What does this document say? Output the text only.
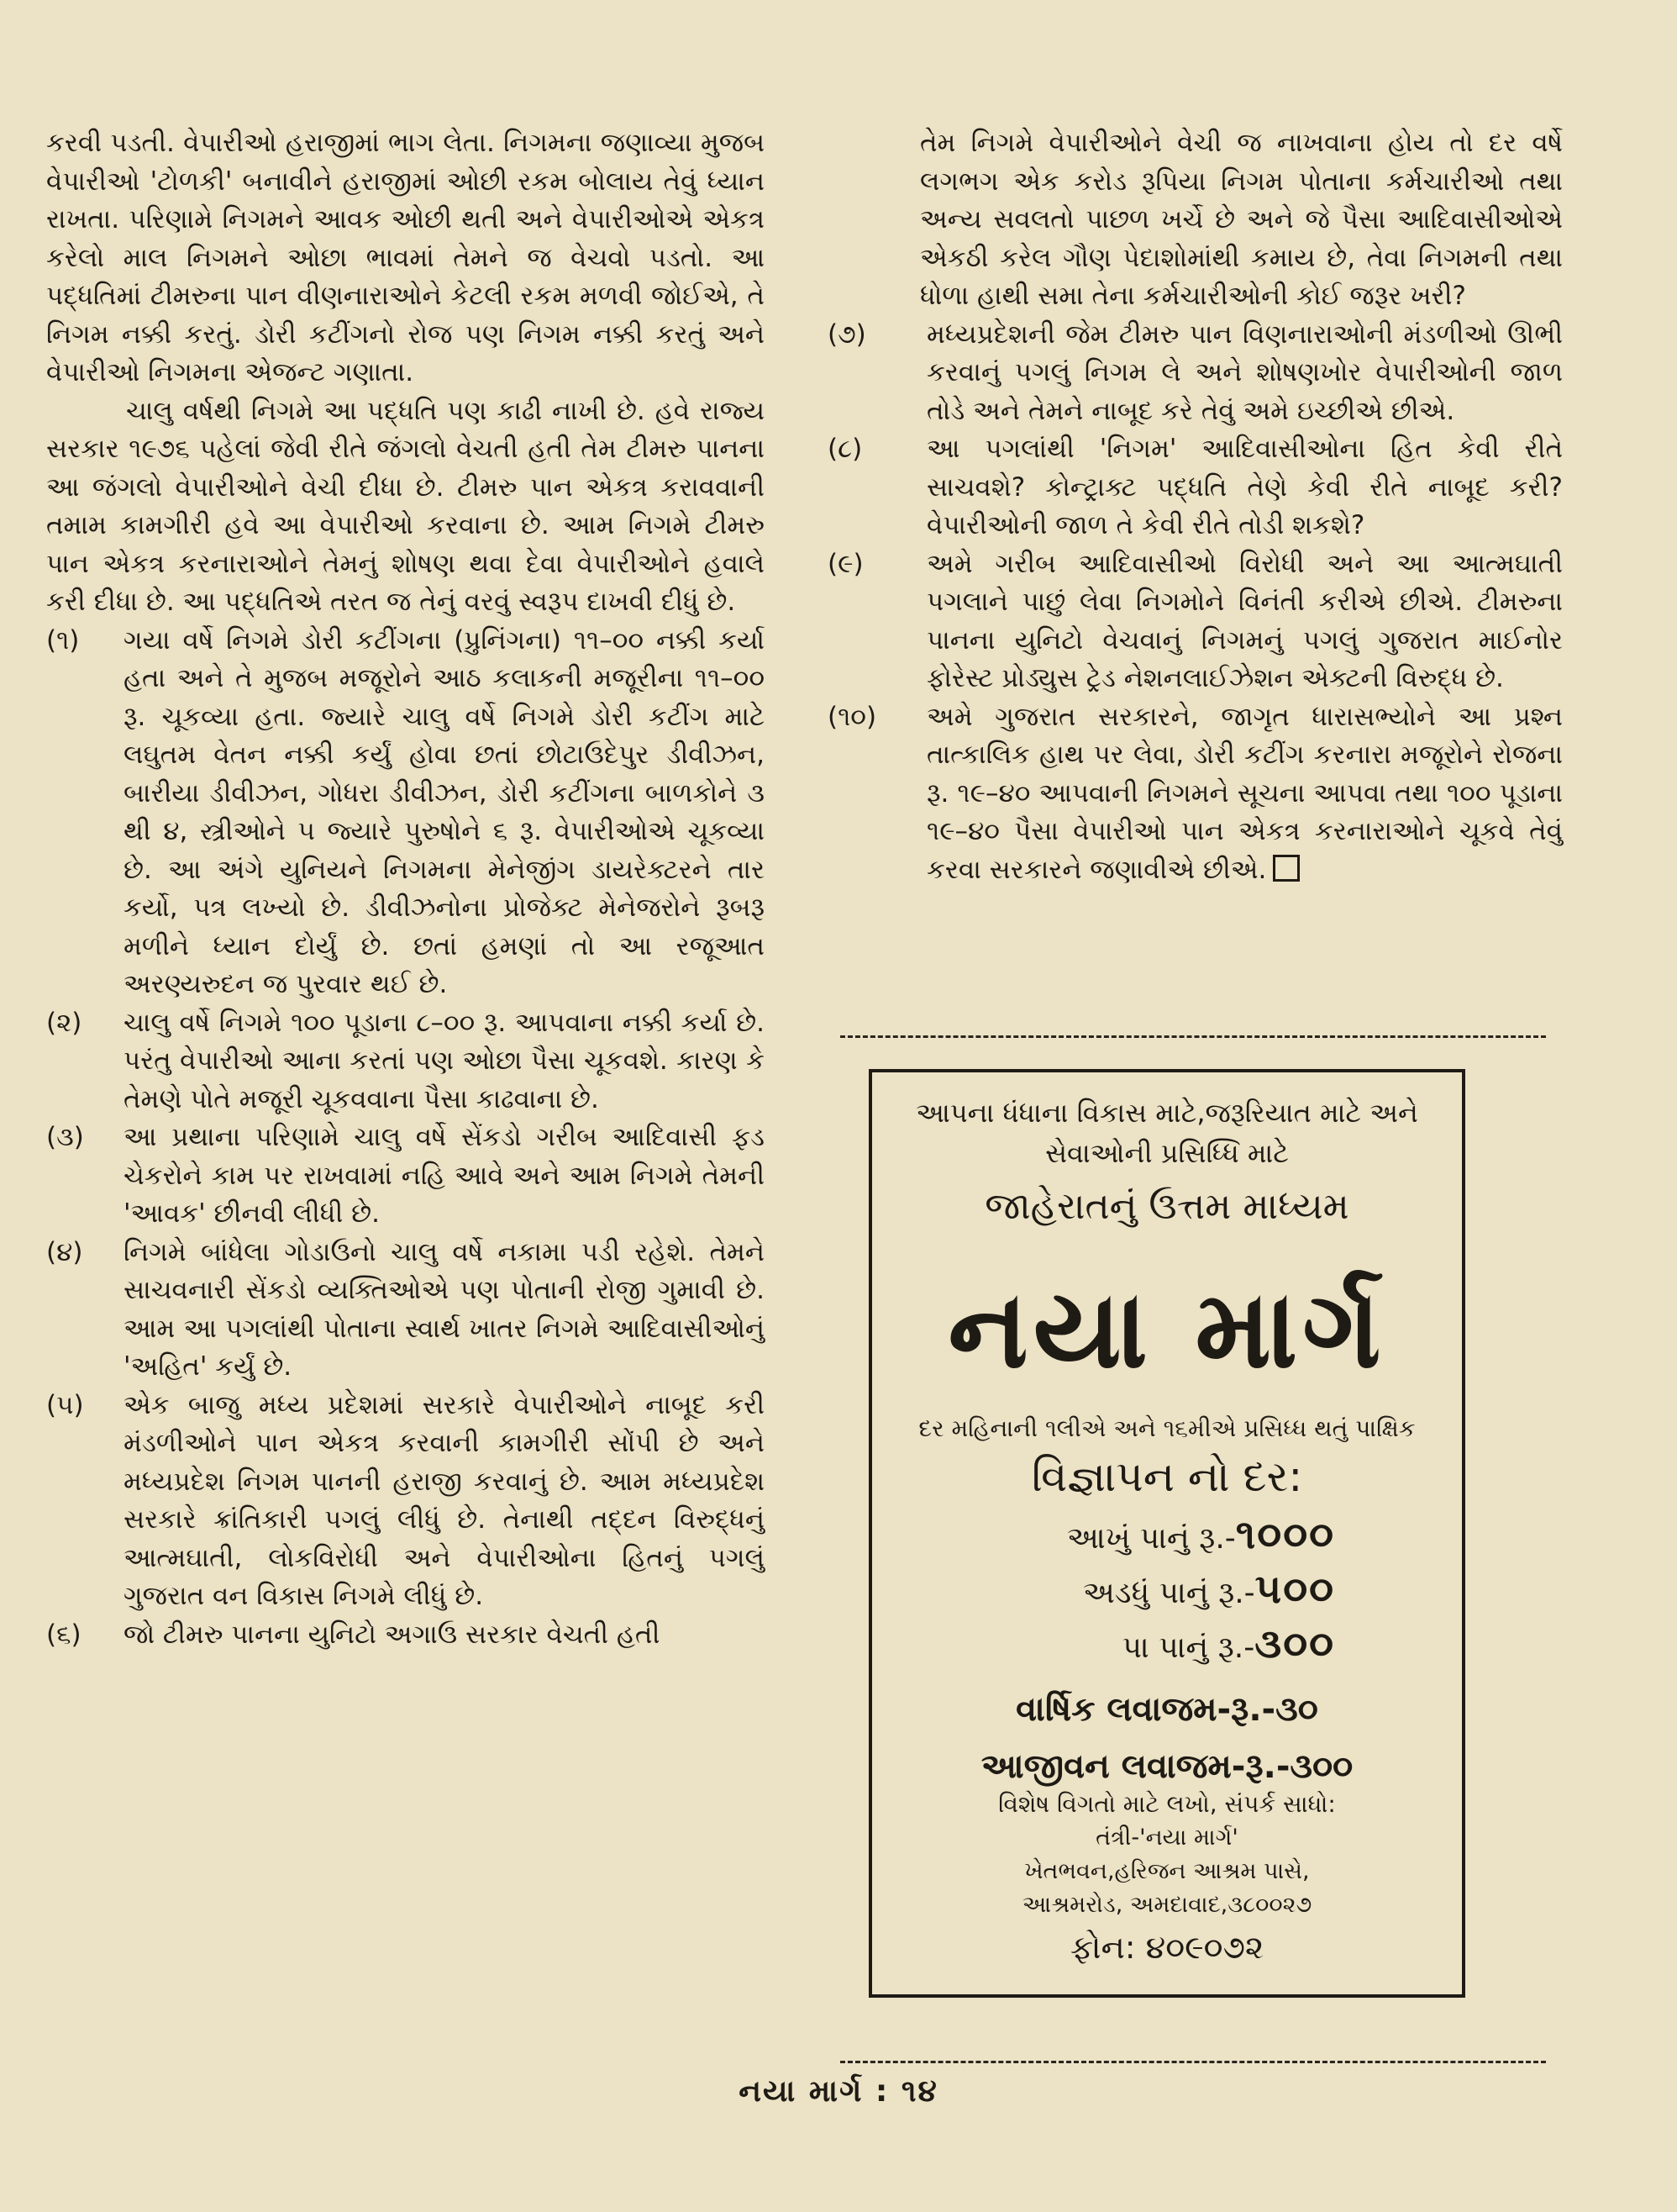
કરવી પડતી. વેપારીઓ હરાજીમાં ભાગ લેતા. નિગમના જણાવ્યા મુજબ વેપારીઓ 'ટોળકી' બનાવીને હરાજીમાં ઓછી રકમ બોલાય તેવું ધ્યાન રાખતા. પરિણામે નિગમને આવક ઓછી થતી અને વેપારીઓએ એકત્ર કરેલો માલ નિગમને ઓછા ભાવમાં તેમને જ વેચવો પડતો. આ પદ્ધતિમાં ટીમરુના પાન વીણનારાઓને કેટલી રકમ મળવી જોઈએ, તે નિગમ નક્કી કરતું. ડોરી કટીંગનો રોજ પણ નિગમ નક્કી કરતું અને વેપારીઓ નિગમના એજન્ટ ગણાતા.

ચાલુ વર્ષથી નિગમે આ પદ્ધતિ પણ કાઢી નાખી છે. હવે રાજ્ય સરકાર ૧૯૭૬ પહેલાં જેવી રીતે જંગલો વેચતી હતી તેમ ટીમરુ પાનના આ જંગલો વેપારીઓને વેચી દીધા છે. ટીમરુ પાન એકત્ર કરાવવાની તમામ કામગીરી હવે આ વેપારીઓ કરવાના છે. આમ નિગમે ટીમરુ પાન એકત્ર કરનારાઓને તેમનું શોષણ થવા દેવા વેપારીઓને હવાલે કરી દીધા છે. આ પદ્ધતિએ તરત જ તેનું વરવું સ્વરૂપ દાખવી દીધું છે.

(૧)	ગયા વર્ષે નિગમે ડોરી કટીંગના (પ્રુનિંગના) ૧૧–૦૦ નક્કી કર્યા હતા અને તે મુજબ મજૂરોને આઠ કલાકની મજૂરીના ૧૧–૦૦ રૂ. ચૂકવ્યા હતા. જ્યારે ચાલુ વર્ષે નિગમે ડોરી કટીંગ માટે લઘુતમ વેતન નક્કી કર્યું હોવા છતાં છોટાઉદેપુર ડીવીઝન, બારીયા ડીવીઝન, ગોધરા ડીવીઝન, ડોરી કટીંગના બાળકોને ૩ થી ૪, સ્ત્રીઓને ૫ જ્યારે પુરુષોને ૬ રૂ. વેપારીઓએ ચૂકવ્યા છે. આ અંગે યુનિયને નિગમના મેનેજીંગ ડાયરેક્ટરને તાર કર્યો, પત્ર લખ્યો છે. ડીવીઝનોના પ્રોજેક્ટ મેનેજરોને રૂબરૂ મળીને ધ્યાન દોર્યું છે. છતાં હમણાં તો આ રજૂઆત અરણ્યરુદન જ પુરવાર થઈ છે.
(૨)	ચાલુ વર્ષે નિગમે ૧૦૦ પૂડાના ૮–૦૦ રૂ. આપવાના નક્કી કર્યા છે. પરંતુ વેપારીઓ આના કરતાં પણ ઓછા પૈસા ચૂકવશે. કારણ કે તેમણે પોતે મજૂરી ચૂકવવાના પૈસા કાઢવાના છે.
(૩)	આ પ્રથાના પરિણામે ચાલુ વર્ષે સેંકડો ગરીબ આદિવાસી ફડ ચેકરોને કામ પર રાખવામાં નહિ આવે અને આમ નિગમે તેમની 'આવક' છીનવી લીધી છે.
(૪)	નિગમે બાંધેલા ગોડાઉનો ચાલુ વર્ષે નકામા પડી રહેશે. તેમને સાચવનારી સેંકડો વ્યક્તિઓએ પણ પોતાની રોજી ગુમાવી છે. આમ આ પગલાંથી પોતાના સ્વાર્થ ખાતર નિગમે આદિવાસીઓનું 'અહિત' કર્યું છે.
(૫)	એક બાજુ મધ્ય પ્રદેશમાં સરકારે વેપારીઓને નાબૂદ કરી મંડળીઓને પાન એકત્ર કરવાની કામગીરી સોંપી છે અને મધ્યપ્રદેશ નિગમ પાનની હરાજી કરવાનું છે. આમ મધ્યપ્રદેશ સરકારે ક્રાંતિકારી પગલું લીધું છે. તેનાથી તદ્દન વિરુદ્ધનું આત્મઘાતી, લોકવિરોધી અને વેપારીઓના હિતનું પગલું ગુજરાત વન વિકાસ નિગમે લીધું છે.
(૬)	જો ટીમરુ પાનના યુનિટો અગાઉ સરકાર વેચતી હતી

તેમ નિગમે વેપારીઓને વેચી જ નાખવાના હોય તો દર વર્ષે લગભગ એક કરોડ રૂપિયા નિગમ પોતાના કર્મચારીઓ તથા અન્ય સવલતો પાછળ ખર્ચે છે અને જે પૈસા આદિવાસીઓએ એકઠી કરેલ ગૌણ પેદાશોમાંથી કમાય છે, તેવા નિગમની તથા ધોળા હાથી સમા તેના કર્મચારીઓની કોઈ જરૂર ખરી?

(૭)	મધ્યપ્રદેશની જેમ ટીમરુ પાન વિણનારાઓની મંડળીઓ ઊભી કરવાનું પગલું નિગમ લે અને શોષણખોર વેપારીઓની જાળ તોડે અને તેમને નાબૂદ કરે તેવું અમે ઇચ્છીએ છીએ.
(૮)	આ પગલાંથી 'નિગમ' આદિવાસીઓના હિત કેવી રીતે સાચવશે? કોન્ટ્રાક્ટ પદ્ધતિ તેણે કેવી રીતે નાબૂદ કરી? વેપારીઓની જાળ તે કેવી રીતે તોડી શકશે?
(૯)	અમે ગરીબ આદિવાસીઓ વિરોધી અને આ આત્મઘાતી પગલાને પાછું લેવા નિગમોને વિનંતી કરીએ છીએ. ટીમરુના પાનના યુનિટો વેચવાનું નિગમનું પગલું ગુજરાત માઈનોર ફોરેસ્ટ પ્રોડ્યુસ ટ્રેડ નેશનલાઈઝેશન એક્ટની વિરુદ્ધ છે.
(૧૦)	અમે ગુજરાત સરકારને, જાગૃત ધારાસભ્યોને આ પ્રશ્ન તાત્કાલિક હાથ પર લેવા, ડોરી કટીંગ કરનારા મજૂરોને રોજના રૂ. ૧૯–૪૦ આપવાની નિગમને સૂચના આપવા તથા ૧૦૦ પૂડાના ૧૯–૪૦ પૈસા વેપારીઓ પાન એકત્ર કરનારાઓને ચૂકવે તેવું કરવા સરકારને જણાવીએ છીએ.
આપના ધંધાના વિકાસ માટે,જરૂરિયાત માટે અને સેવાઓની પ્રસિધ્ધિ માટે
જાહેરાતનું ઉત્તમ માધ્યમ
નયા માર્ગ
દર મહિનાની ૧લીએ અને ૧૬મીએ પ્રસિધ્ધ થતું પાક્ષિક
વિજ્ઞાપન નો દર:
આખું પાનું રૂ.-૧૦૦૦
અડધું પાનું રૂ.-૫૦૦
પા પાનું રૂ.-૩૦૦
વાર્ષિક લવાજમ-રૂ.-૩૦
આજીવન લવાજમ-રૂ.-૩૦૦
વિશેષ વિગતો માટે લખો, સંપર્ક સાધો:
તંત્રી-'નયા માર્ગ'
ખેતભવન,હરિજન આશ્રમ પાસે,
આશ્રમરોડ, અમદાવાદ,૩૮૦૦૨૭
ફોન: ૪૦૯૦૭૨
નયા માર્ગ : ૧૪
